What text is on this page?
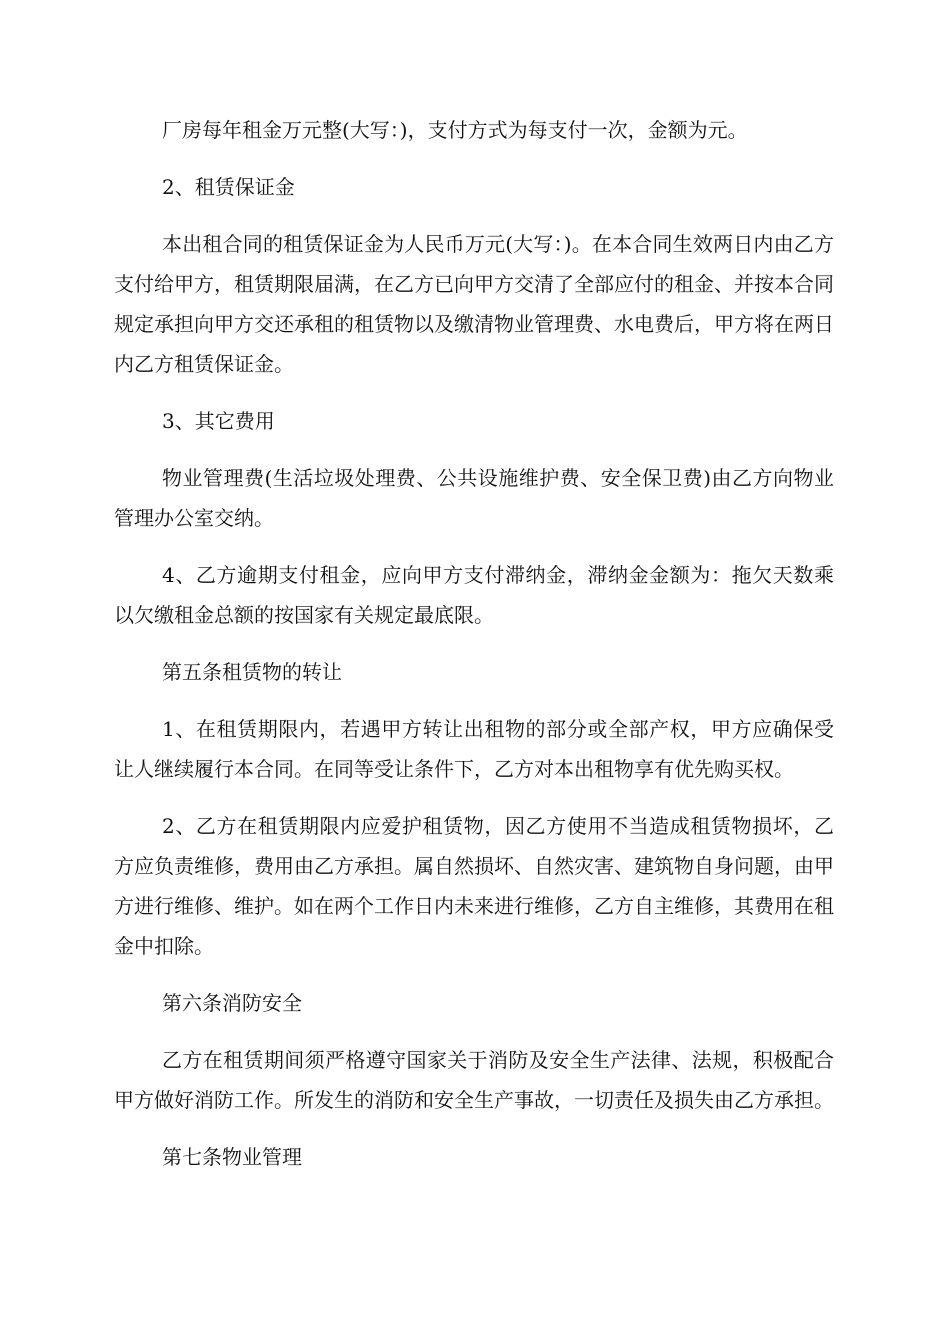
厂房每年租金万元整(大写：)，支付方式为每支付一次，金额为元。

2、租赁保证金

本出租合同的租赁保证金为人民币万元(大写：)。在本合同生效两日内由乙方支付给甲方，租赁期限届满，在乙方已向甲方交清了全部应付的租金、并按本合同规定承担向甲方交还承租的租赁物以及缴清物业管理费、水电费后，甲方将在两日内乙方租赁保证金。

3、其它费用

物业管理费(生活垃圾处理费、公共设施维护费、安全保卫费)由乙方向物业管理办公室交纳。

4、乙方逾期支付租金，应向甲方支付滞纳金，滞纳金金额为：拖欠天数乘以欠缴租金总额的按国家有关规定最底限。

第五条租赁物的转让

1、在租赁期限内，若遇甲方转让出租物的部分或全部产权，甲方应确保受让人继续履行本合同。在同等受让条件下，乙方对本出租物享有优先购买权。

2、乙方在租赁期限内应爱护租赁物，因乙方使用不当造成租赁物损坏，乙方应负责维修，费用由乙方承担。属自然损坏、自然灾害、建筑物自身问题，由甲方进行维修、维护。如在两个工作日内未来进行维修，乙方自主维修，其费用在租金中扣除。

第六条消防安全

乙方在租赁期间须严格遵守国家关于消防及安全生产法律、法规，积极配合甲方做好消防工作。所发生的消防和安全生产事故，一切责任及损失由乙方承担。

第七条物业管理
